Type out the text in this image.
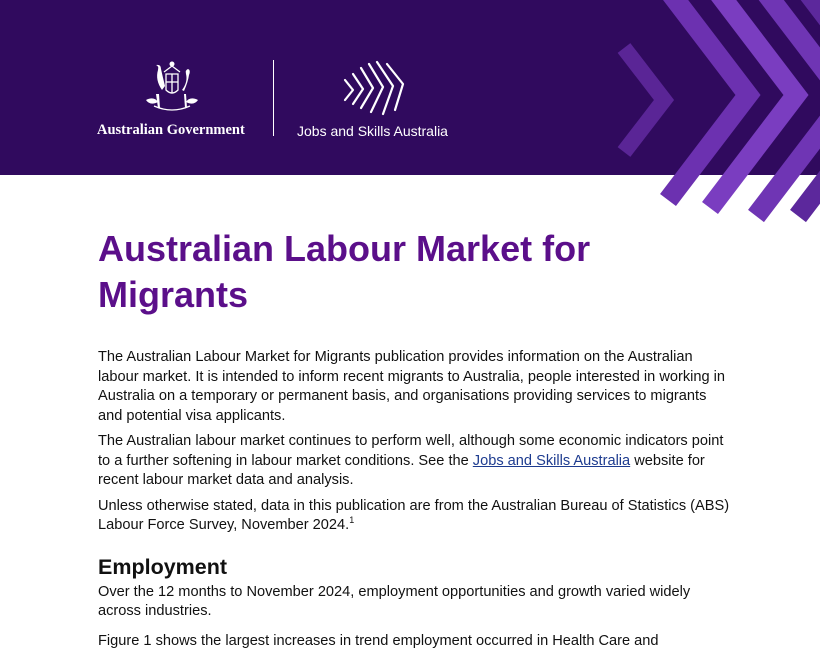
Australian Government	Jobs and Skills Australia
Australian Labour Market for
Migrants

The Australian Labour Market for Migrants publication provides information on the Australian labour market. It is intended to inform recent migrants to Australia, people interested in working in Australia on a temporary or permanent basis, and organisations providing services to migrants and potential visa applicants.

The Australian labour market continues to perform well, although some economic indicators point to a further softening in labour market conditions. See the Jobs and Skills Australia website for recent labour market data and analysis.

Unless otherwise stated, data in this publication are from the Australian Bureau of Statistics (ABS) Labour Force Survey, November 2024.$^1$

Employment

Over the 12 months to November 2024, employment opportunities and growth varied widely across industries.

Figure 1 shows the largest increases in trend employment occurred in Health Care and
